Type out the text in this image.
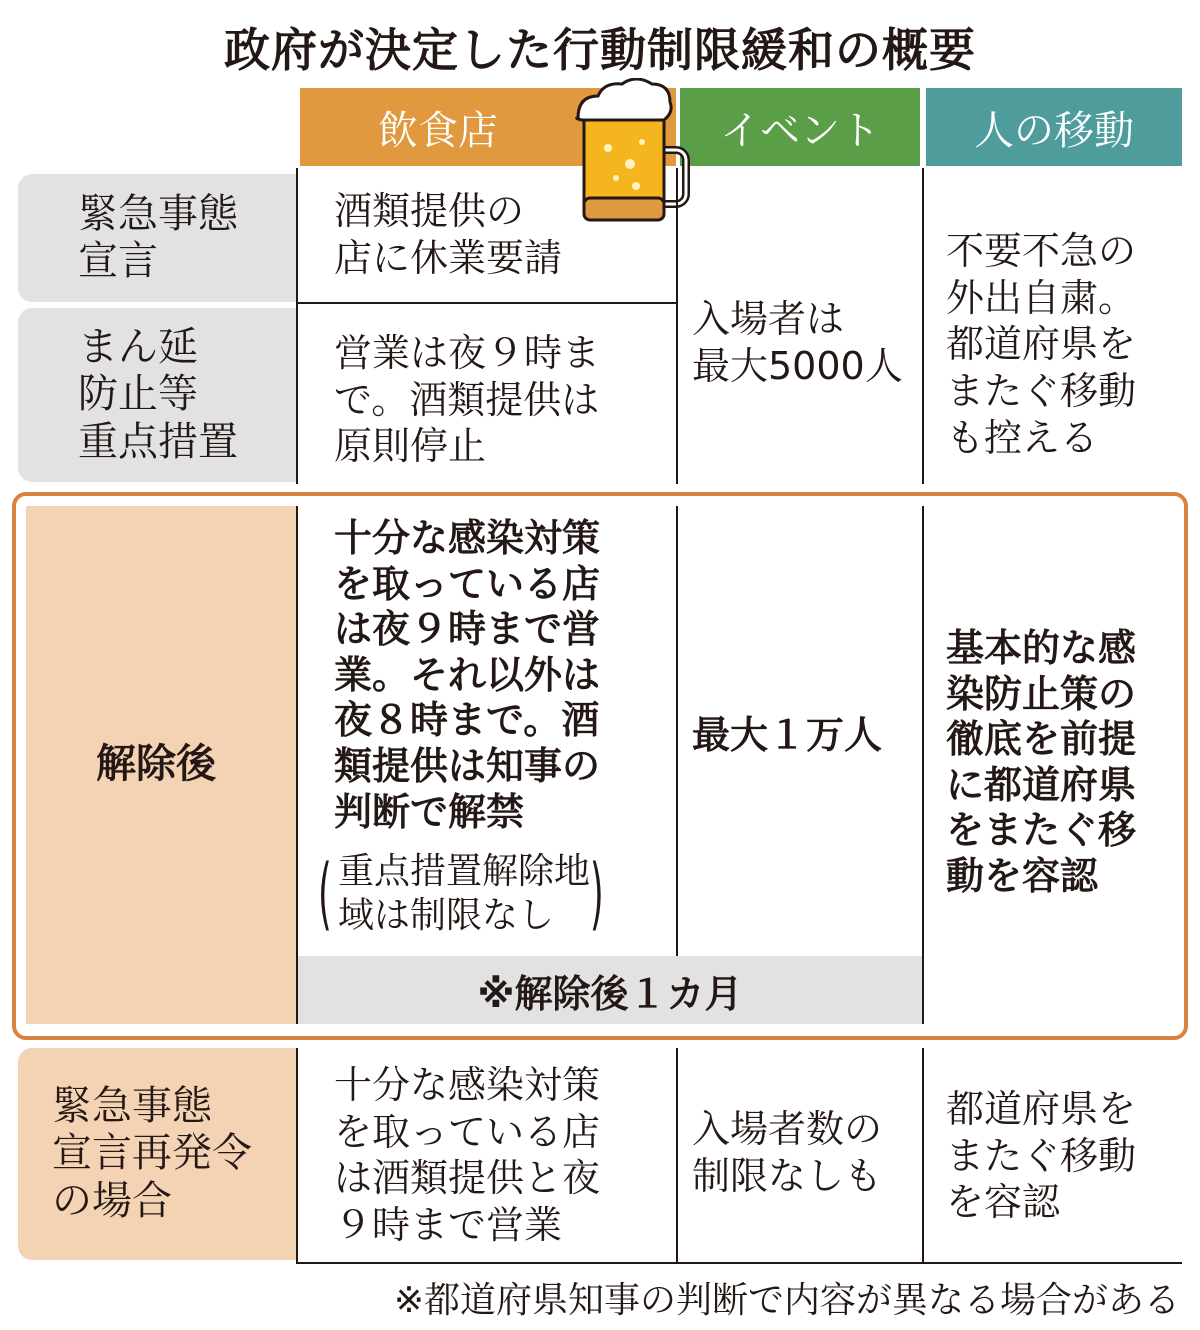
政府が決定した行動制限緩和の概要
飲食店	イベント 人の移動
緊急事態
宣言
まん延
防止等
重点措置
解除後
緊急事態
宣言再発令
の場合
※解除後１カ月
酒類提供の
店に休業要請
営業は夜９時ま
で。酒類提供は
原則停止
入場者は
最大5000人
不要不急の
外出自粛。
都道府県を
またぐ移動
も控える
十分な感染対策
を取っている店
は夜９時まで営
業。それ以外は
夜８時まで。酒
類提供は知事の
判断で解禁
( 重点措置解除地
域は制限なし )
最大１万人
基本的な感
染防止策の
徹底を前提
に都道府県
をまたぐ移
動を容認
十分な感染対策
を取っている店
は酒類提供と夜
９時まで営業
入場者数の
制限なしも
都道府県を
またぐ移動
を容認
※都道府県知事の判断で内容が異なる場合がある
